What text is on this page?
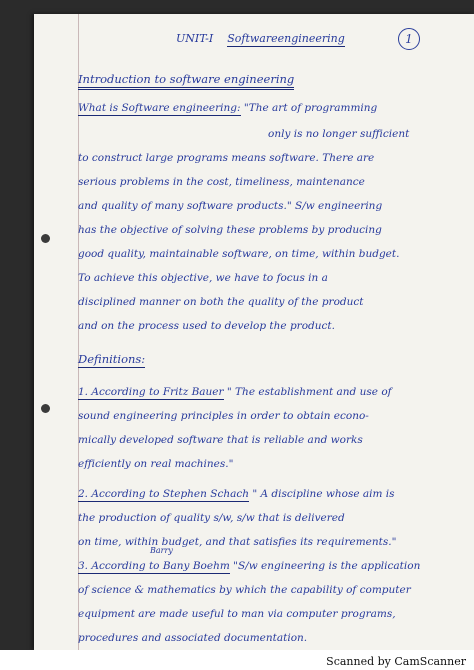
UNIT-I Softwareengineering	1
Introduction to software engineering
What is Software engineering: "The art of programming
only is no longer sufficient
to construct large programs means software. There are
serious problems in the cost, timeliness, maintenance
and quality of many software products." S/w engineering
has the objective of solving these problems by producing
good quality, maintainable software, on time, within budget.
To achieve this objective, we have to focus in a
disciplined manner on both the quality of the product
and on the process used to develop the product.
Definitions:
1. According to Fritz Bauer " The establishment and use of
sound engineering principles in order to obtain econo-
mically developed software that is reliable and works
efficiently on real machines."
2. According to Stephen Schach " A discipline whose aim is
the production of quality s/w, s/w that is delivered
on time, within budget, and that satisfies its requirements."
Barry
3. According to Bany Boehm "S/w engineering is the application
of science & mathematics by which the capability of computer
equipment are made useful to man via computer programs,
procedures and associated documentation.
Scanned by CamScanner
